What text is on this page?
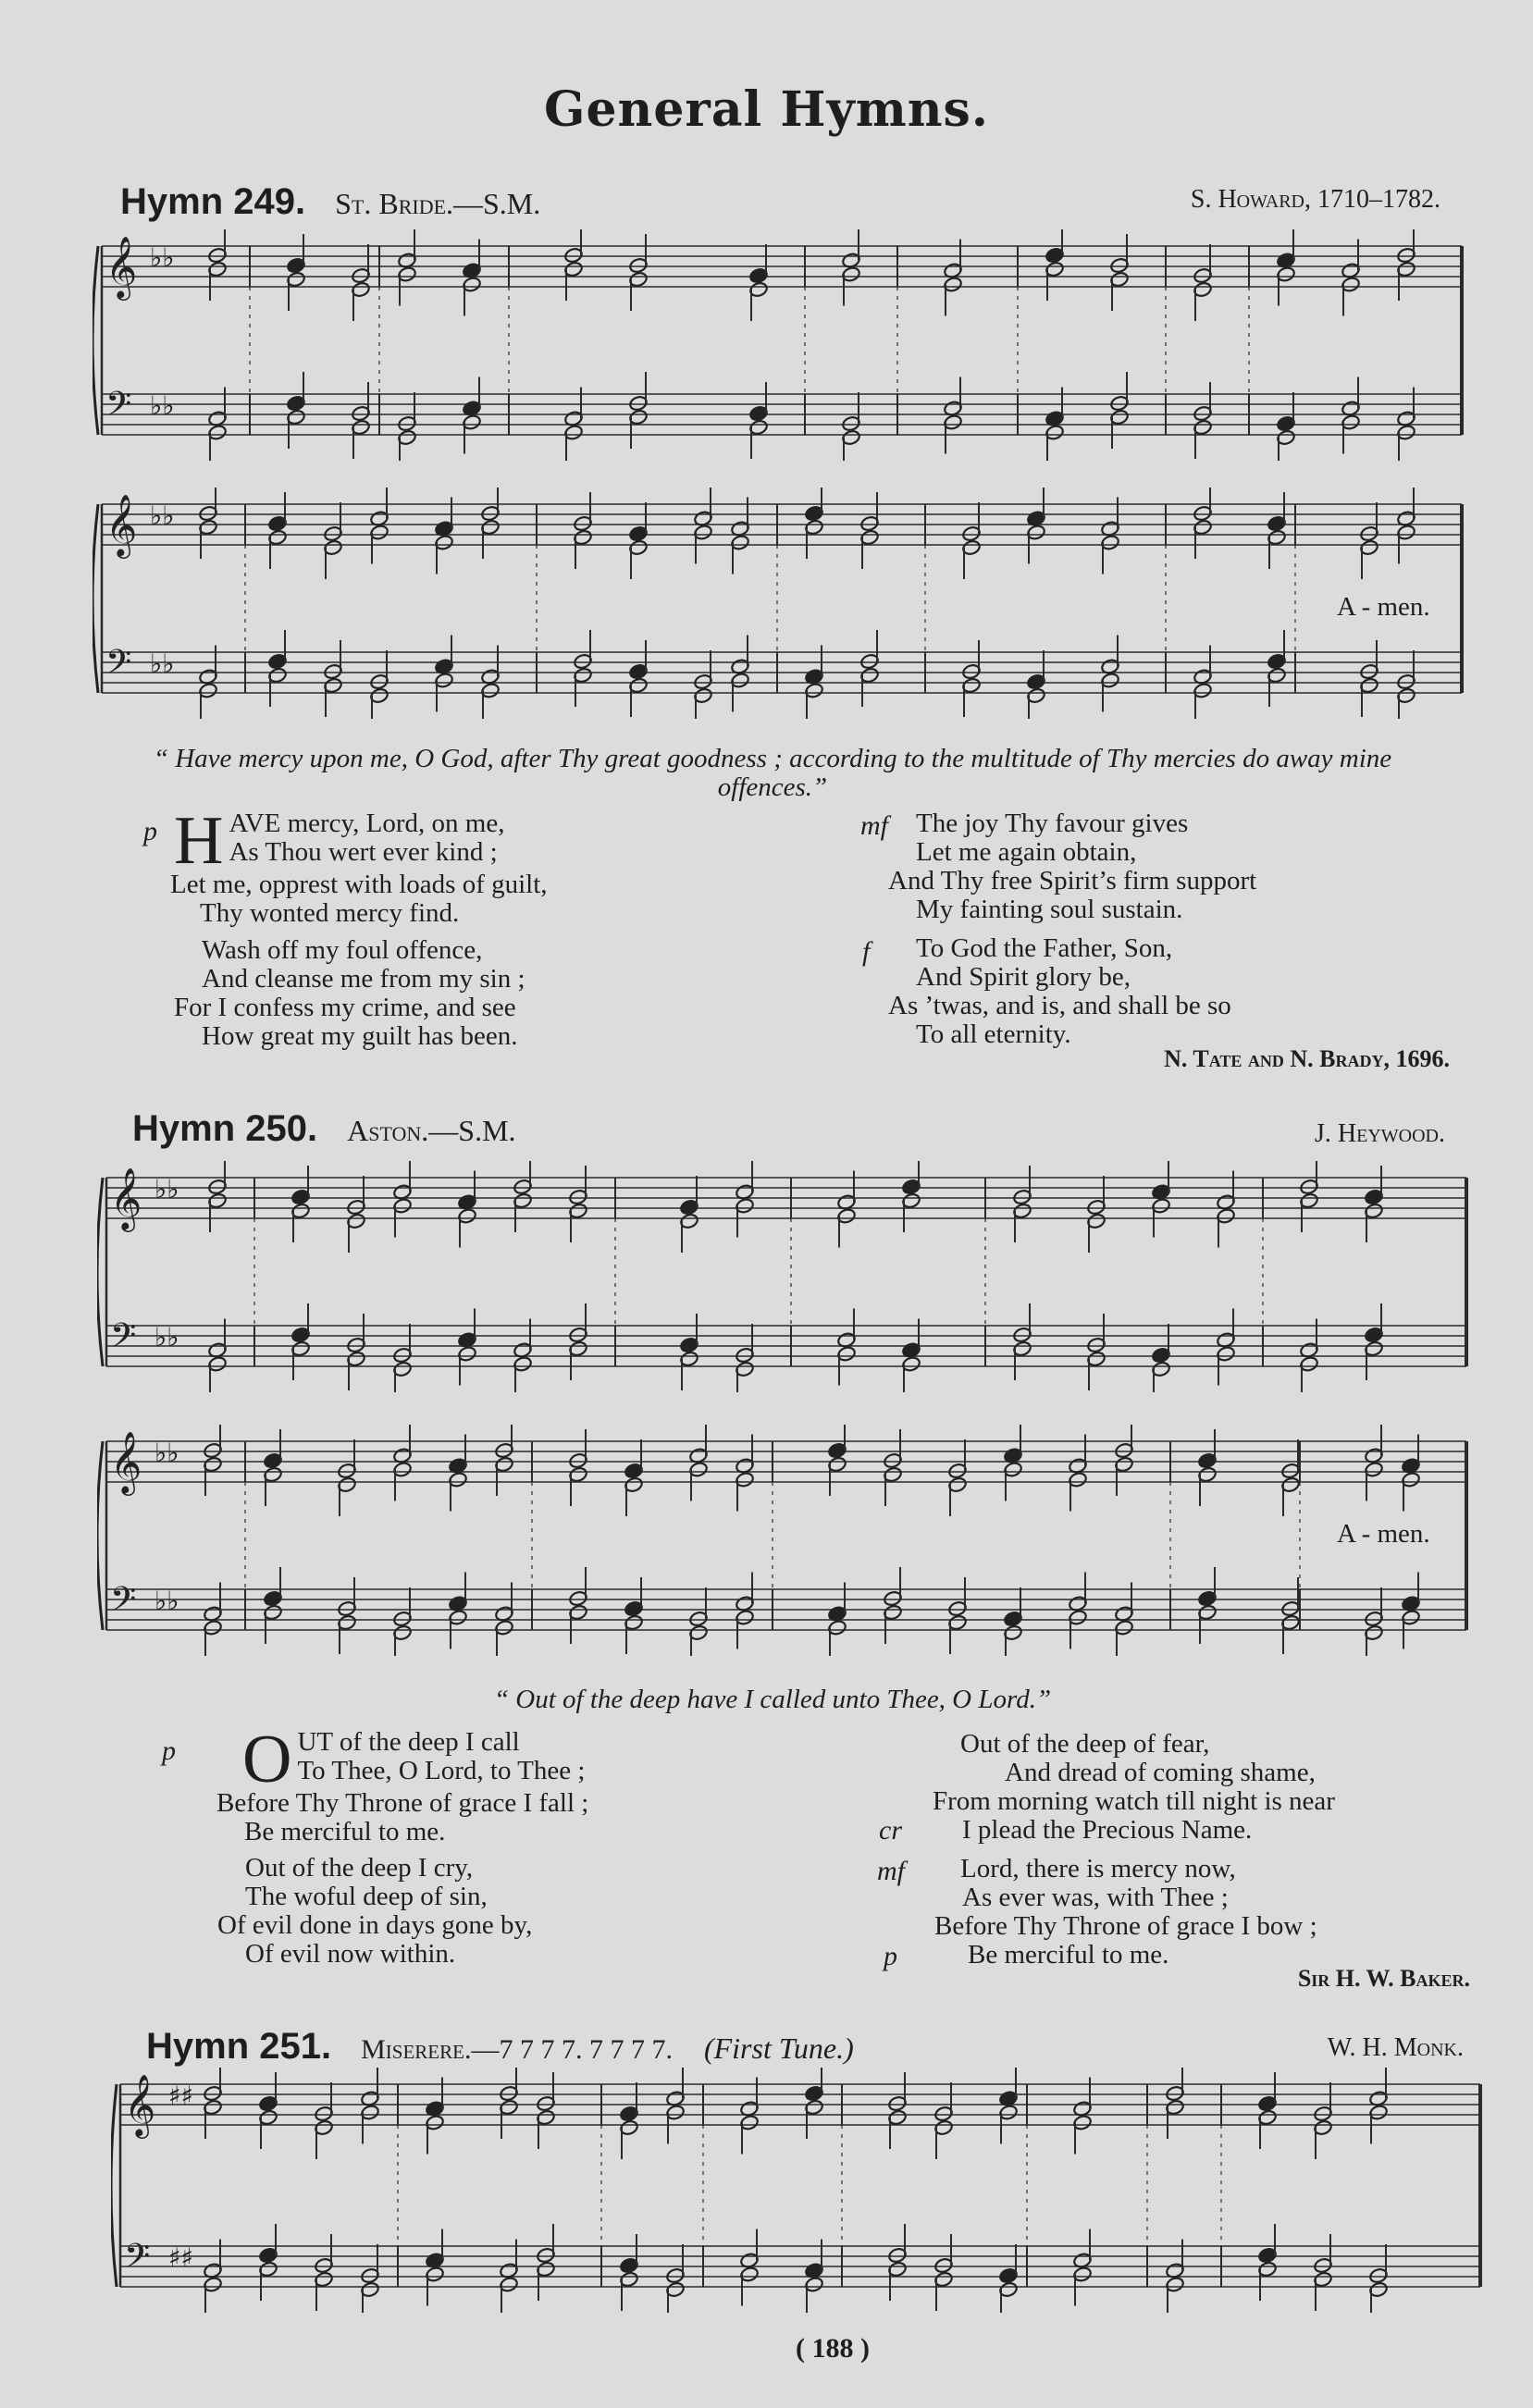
General Hymns.
Hymn 249. St. Bride.—S.M.	S. Howard, 1710–1782.
𝄞 ♭♭
𝄢 ♭♭
𝄞 ♭♭
𝄢 ♭♭
A - men.
“ Have mercy upon me, O God, after Thy great goodness ; according to the multitude of Thy mercies do away mine offences.”
p H AVE mercy, Lord, on me,
As Thou wert ever kind ;
Let me, opprest with loads of guilt,
Thy wonted mercy find.
Wash off my foul offence,
And cleanse me from my sin ;
For I confess my crime, and see
How great my guilt has been.
mf The joy Thy favour gives
Let me again obtain,
And Thy free Spirit’s firm support
My fainting soul sustain.
f To God the Father, Son,
And Spirit glory be,
As ’twas, and is, and shall be so
To all eternity.
N. Tate and N. Brady, 1696.
Hymn 250. Aston.—S.M.	J. Heywood.
𝄞 ♭♭
𝄢 ♭♭
𝄞 ♭♭
𝄢 ♭♭
A - men.
“ Out of the deep have I called unto Thee, O Lord.”
p O UT of the deep I call
To Thee, O Lord, to Thee ;
Before Thy Throne of grace I fall ;
Be merciful to me.
Out of the deep I cry,
The woful deep of sin,
Of evil done in days gone by,
Of evil now within.
Out of the deep of fear,
And dread of coming shame,
From morning watch till night is near
I plead the Precious Name.
cr
mf Lord, there is mercy now,
As ever was, with Thee ;
Before Thy Throne of grace I bow ;
Be merciful to me.
p
Sir H. W. Baker.
Hymn 251. Miserere.—7 7 7 7. 7 7 7 7. (First Tune.)	W. H. Monk.
𝄞 ♯♯
𝄢 ♯♯
( 188 )
